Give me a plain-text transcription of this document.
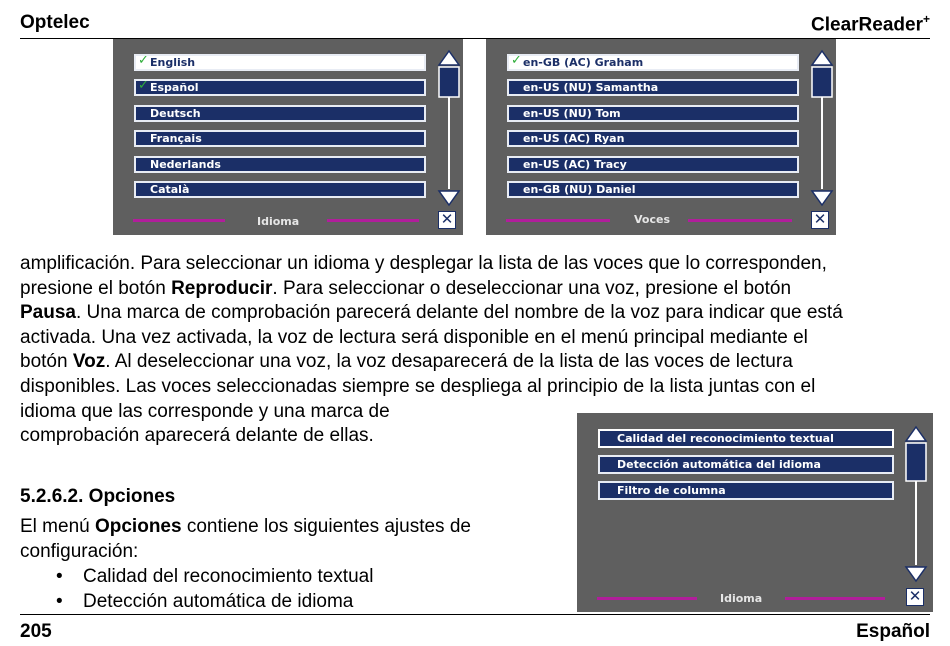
Optelec	ClearReader+
✓ English
✓ Español
Deutsch
Français
Nederlands
Català
Idioma	✕
✓ en-GB (AC) Graham
en-US (NU) Samantha
en-US (NU) Tom
en-US (AC) Ryan
en-US (AC) Tracy
en-GB (NU) Daniel
Voces	✕
amplificación. Para seleccionar un idioma y desplegar la lista de las voces que lo corresponden,
presione el botón Reproducir. Para seleccionar o deseleccionar una voz, presione el botón
Pausa. Una marca de comprobación parecerá delante del nombre de la voz para indicar que está
activada. Una vez activada, la voz de lectura será disponible en el menú principal mediante el
botón Voz. Al deseleccionar una voz, la voz desaparecerá de la lista de las voces de lectura
disponibles. Las voces seleccionadas siempre se despliega al principio de la lista juntas con el
idioma que las corresponde y una marca de
comprobación aparecerá delante de ellas.	Calidad del reconocimiento textual
Detección automática del idioma
Filtro de columna
Idioma	✕
5.2.6.2. Opciones
El menú Opciones contiene los siguientes ajustes de
configuración:
• Calidad del reconocimiento textual
• Detección automática de idioma
205	Español
